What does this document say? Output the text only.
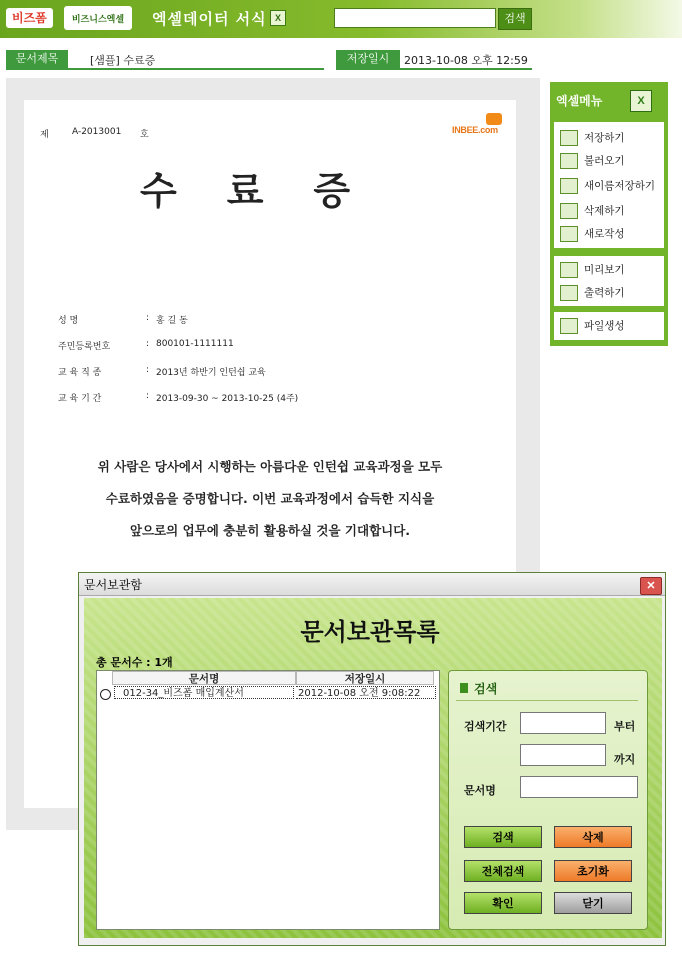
비즈폼	비즈니스엑셀	엑셀데이터 서식 X	검색
문서제목	[샘플] 수료증	저장일시	2013-10-08 오후 12:59
제	A-2013001 호	INBEE.com
수료증
성 명	: 홍 길 동
주민등록번호	: 800101-1111111
교 육 직 종	: 2013년 하반기 인턴쉽 교육
교 육 기 간	: 2013-09-30 ~ 2013-10-25 (4주)
위 사람은 당사에서 시행하는 아름다운 인턴쉽 교육과정을 모두
수료하였음을 증명합니다. 이번 교육과정에서 습득한 지식을
앞으로의 업무에 충분히 활용하실 것을 기대합니다.
엑셀메뉴	X
저장하기
불러오기
새이름저장하기
삭제하기
새로작성
미리보기
출력하기
파일생성
문서보관함	✕
문서보관목록
총 문서수 : 1개
문서명	저장일시
012-34_비즈폼 매입계산서	2012-10-08 오전 9:08:22	검색
검색기간	부터
까지
문서명
검색	삭제
전체검색	초기화
확인	닫기
